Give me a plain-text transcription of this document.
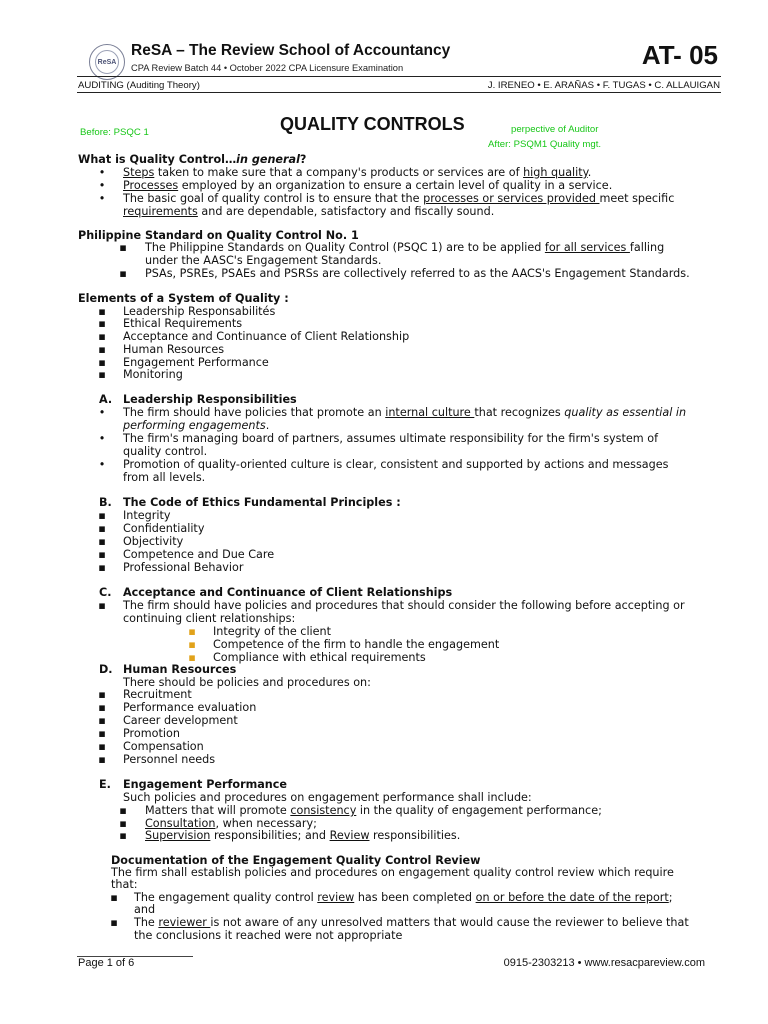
ReSA
ReSA – The Review School of Accountancy
CPA Review Batch 44 • October 2022 CPA Licensure Examination	AT- 05
AUDITING (Auditing Theory)	J. IRENEO • E. ARAÑAS • F. TUGAS • C. ALLAUIGAN
QUALITY CONTROLS
Before: PSQC 1	perpective of Auditor
After: PSQM1 Quality mgt.
What is Quality Control…in general?
•	Steps taken to make sure that a company's products or services are of high quality.
•	Processes employed by an organization to ensure a certain level of quality in a service.
•	The basic goal of quality control is to ensure that the processes or services provided meet specific
requirements and are dependable, satisfactory and fiscally sound.
Philippine Standard on Quality Control No. 1
▪ The Philippine Standards on Quality Control (PSQC 1) are to be applied for all services falling
under the AASC's Engagement Standards.
▪ PSAs, PSREs, PSAEs and PSRSs are collectively referred to as the AACS's Engagement Standards.
Elements of a System of Quality :
▪ Leadership Responsabilités
▪ Ethical Requirements
▪ Acceptance and Continuance of Client Relationship
▪ Human Resources
▪ Engagement Performance
▪ Monitoring
A. Leadership Responsibilities
•	The firm should have policies that promote an internal culture that recognizes quality as essential in
performing engagements.
•	The firm's managing board of partners, assumes ultimate responsibility for the firm's system of
quality control.
•	Promotion of quality-oriented culture is clear, consistent and supported by actions and messages
from all levels.
B. The Code of Ethics Fundamental Principles :
▪ Integrity
▪ Confidentiality
▪ Objectivity
▪ Competence and Due Care
▪ Professional Behavior
C. Acceptance and Continuance of Client Relationships
▪ The firm should have policies and procedures that should consider the following before accepting or
continuing client relationships:
▪ Integrity of the client
▪ Competence of the firm to handle the engagement
▪ Compliance with ethical requirements
D. Human Resources
There should be policies and procedures on:
▪ Recruitment
▪ Performance evaluation
▪ Career development
▪ Promotion
▪ Compensation
▪ Personnel needs
E. Engagement Performance
Such policies and procedures on engagement performance shall include:
▪ Matters that will promote consistency in the quality of engagement performance;
▪ Consultation, when necessary;
▪ Supervision responsibilities; and Review responsibilities.
Documentation of the Engagement Quality Control Review
The firm shall establish policies and procedures on engagement quality control review which require
that:
▪ The engagement quality control review has been completed on or before the date of the report;
and
▪ The reviewer is not aware of any unresolved matters that would cause the reviewer to believe that
the conclusions it reached were not appropriate
Page 1 of 6	0915-2303213 • www.resacpareview.com
